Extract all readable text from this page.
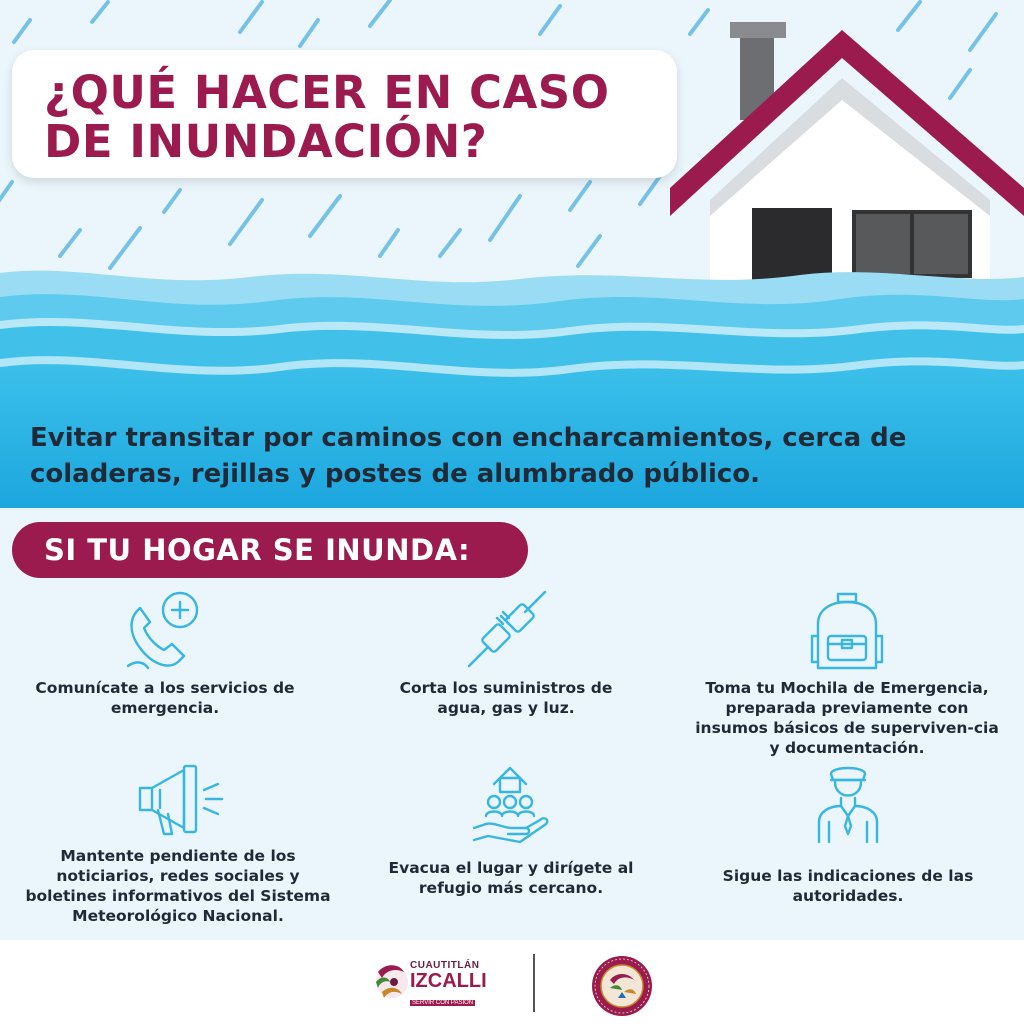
Evitar transitar por caminos con encharcamientos, cerca de coladeras, rejillas y postes de alumbrado público.
¿QUÉ HACER EN CASO
DE INUNDACIÓN?
SI TU HOGAR SE INUNDA:
Comunícate a los servicios de emergencia.
Corta los suministros de agua, gas y luz.
Toma tu Mochila de Emergencia, preparada previamente con insumos básicos de superviven-cia y documentación.
Mantente pendiente de los noticiarios, redes sociales y boletines informativos del Sistema Meteorológico Nacional.
Evacua el lugar y dirígete al refugio más cercano.
Sigue las indicaciones de las autoridades.
CUAUTITLÁN
IZCALLI
SERVIR CON PASIÓN
